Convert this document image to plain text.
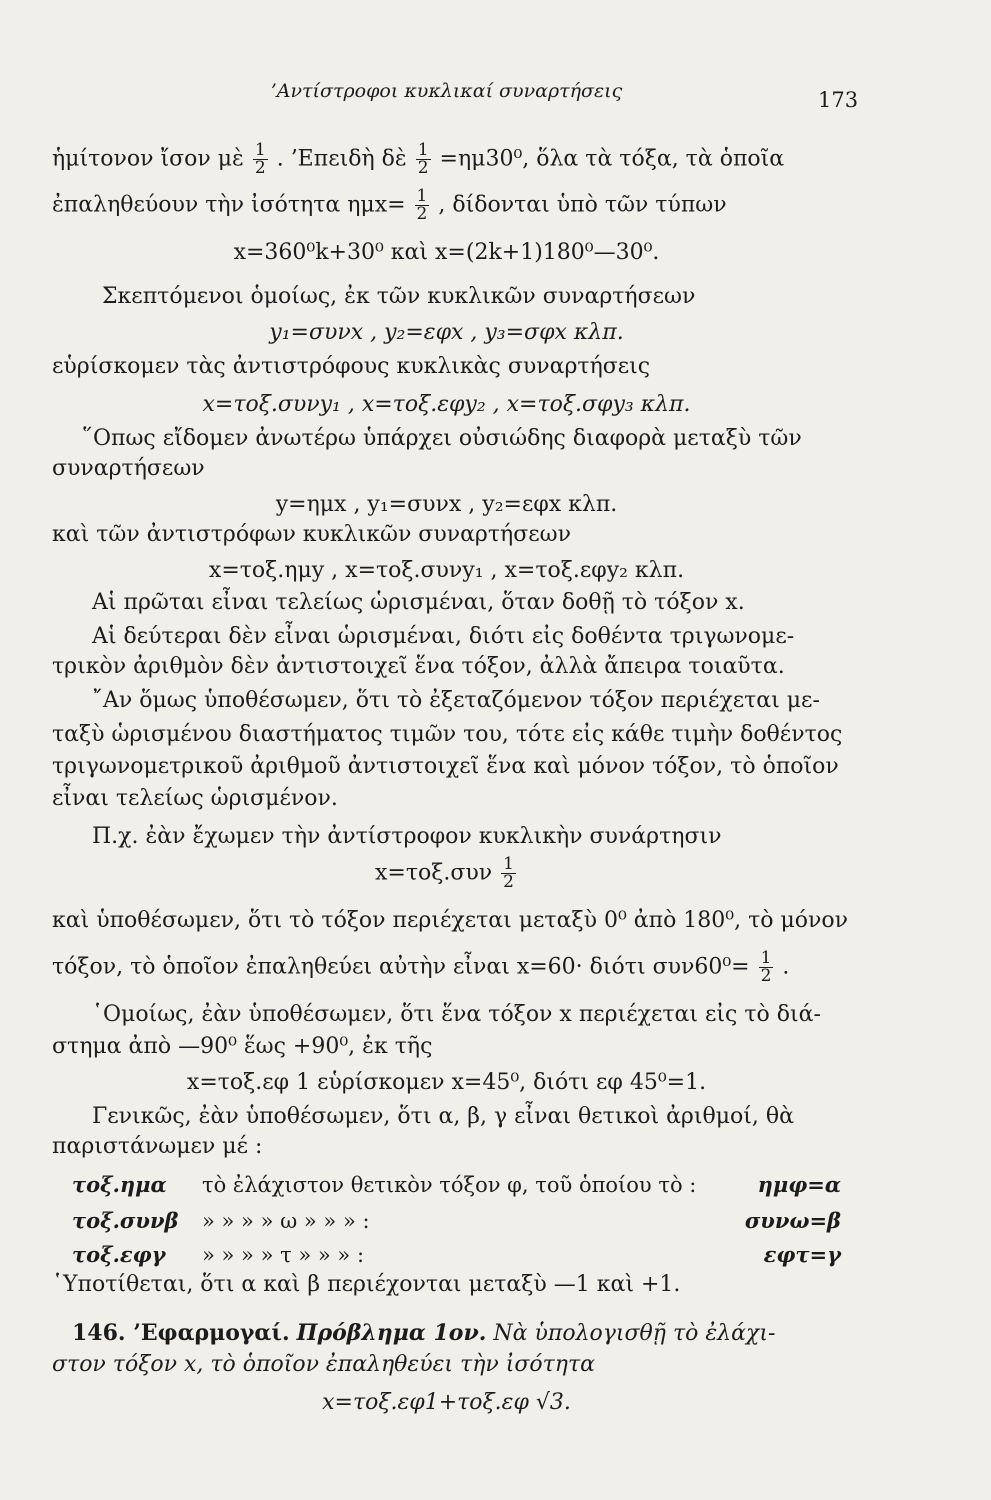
’Αντίστροφοι κυκλικαί συναρτήσεις	173
ἡμίτονον ἴσον μὲ $\frac{1}{2}$ . ’Επειδὴ δὲ $\frac{1}{2} =\eta\mu 30^0$, ὅλα τὰ τόξα, τὰ ὁποῖα
ἐπαληθεύουν τὴν ἰσότητα $\eta\mu x= \frac{1}{2}$ , δίδονται ὑπὸ τῶν τύπων
x=360⁰k+30⁰ καὶ x=(2k+1)180⁰—30⁰.
Σκεπτόμενοι ὁμοίως, ἐκ τῶν κυκλικῶν συναρτήσεων
y₁=συνx , y₂=εφx , y₃=σφx κλπ.
εὑρίσκομεν τὰς ἀντιστρόφους κυκλικὰς συναρτήσεις
x=τοξ.συνy₁ , x=τοξ.εφy₂ , x=τοξ.σφy₃ κλπ.
῞Οπως εἴδομεν ἀνωτέρω ὑπάρχει οὐσιώδης διαφορὰ μεταξὺ τῶν
συναρτήσεων
y=ημx , y₁=συνx , y₂=εφx κλπ.
καὶ τῶν ἀντιστρόφων κυκλικῶν συναρτήσεων
x=τοξ.ημy , x=τοξ.συνy₁ , x=τοξ.εφy₂ κλπ.
Αἱ πρῶται εἶναι τελείως ὡρισμέναι, ὅταν δοθῇ τὸ τόξον x.
Αἱ δεύτεραι δὲν εἶναι ὡρισμέναι, διότι εἰς δοθέντα τριγωνομε-
τρικὸν ἀριθμὸν δὲν ἀντιστοιχεῖ ἕνα τόξον, ἀλλὰ ἄπειρα τοιαῦτα.
῎Αν ὅμως ὑποθέσωμεν, ὅτι τὸ ἐξεταζόμενον τόξον περιέχεται με-
ταξὺ ὡρισμένου διαστήματος τιμῶν του, τότε εἰς κάθε τιμὴν δοθέντος
τριγωνομετρικοῦ ἀριθμοῦ ἀντιστοιχεῖ ἕνα καὶ μόνον τόξον, τὸ ὁποῖον
εἶναι τελείως ὡρισμένον.
Π.χ. ἐὰν ἔχωμεν τὴν ἀντίστροφον κυκλικὴν συνάρτησιν
$x=\tau o\xi.\sigma\upsilon\nu \frac{1}{2}$
καὶ ὑποθέσωμεν, ὅτι τὸ τόξον περιέχεται μεταξὺ 0⁰ ἀπὸ 180⁰, τὸ μόνον
τόξον, τὸ ὁποῖον ἐπαληθεύει αὐτὴν εἶναι x=60· διότι $\sigma\upsilon\nu 60^0= \frac{1}{2}$ .
῾Ομοίως, ἐὰν ὑποθέσωμεν, ὅτι ἕνα τόξον x περιέχεται εἰς τὸ διά-
στημα ἀπὸ —90⁰ ἕως +90⁰, ἐκ τῆς
x=τοξ.εφ 1 εὑρίσκομεν x=45⁰, διότι εφ 45⁰=1.
Γενικῶς, ἐὰν ὑποθέσωμεν, ὅτι α, β, γ εἶναι θετικοὶ ἀριθμοί, θὰ
παριστάνωμεν μέ :
τοξ.ημα τὸ ἐλάχιστον θετικὸν τόξον φ, τοῦ ὁποίου τὸ :	ημφ=α
τοξ.συνβ » » » » ω » » » :	συνω=β
τοξ.εφγ » » » » τ » » » :	εφτ=γ
῾Υποτίθεται, ὅτι α καὶ β περιέχονται μεταξὺ —1 καὶ +1.
146. ’Εφαρμογαί. Πρόβλημα 1ον. Νὰ ὑπολογισθῇ τὸ ἐλάχι-
στον τόξον x, τὸ ὁποῖον ἐπαληθεύει τὴν ἰσότητα
x=τοξ.εφ1+τοξ.εφ √3.
